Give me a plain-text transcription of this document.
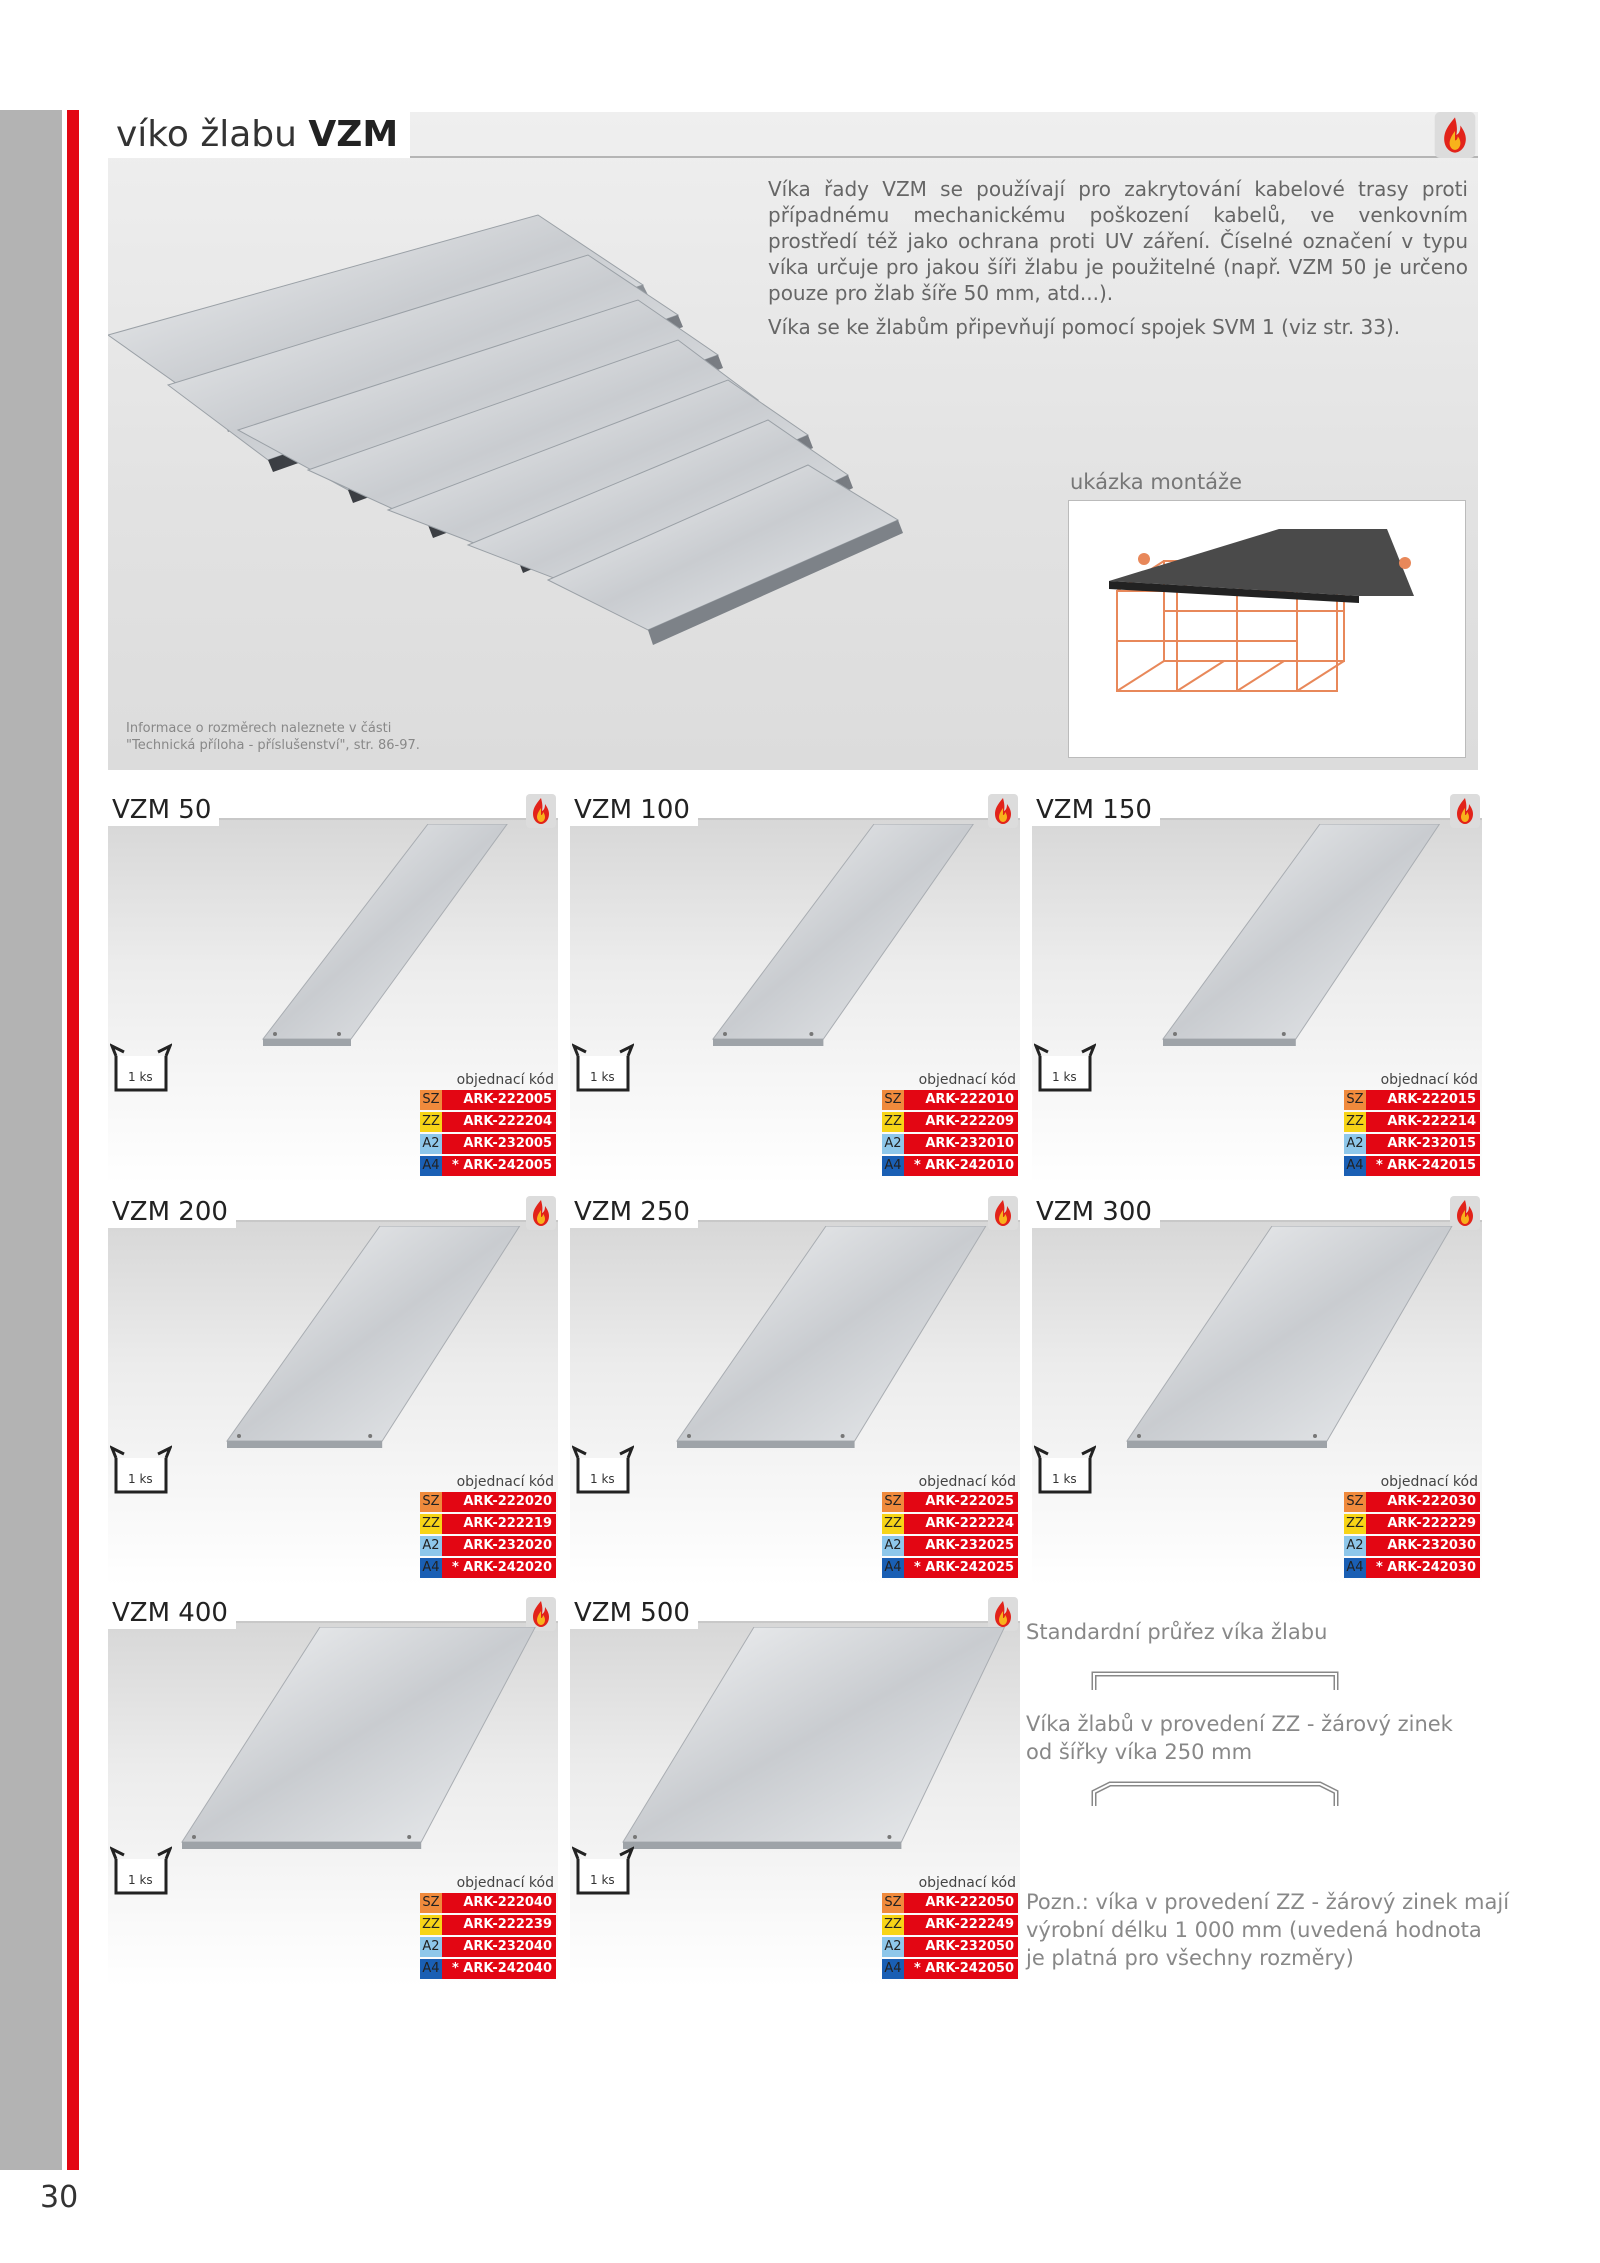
30
víko žlabu VZM

Víka řady VZM se používají pro zakrytování kabelové trasy proti případnému mechanickému poškození kabelů, ve venkovním prostředí též jako ochrana proti UV záření. Číselné označení v typu víka určuje pro jakou šíři žlabu je použitelné (např. VZM 50 je určeno pouze pro žlab šíře 50 mm, atd...).

Víka se ke žlabům připevňují pomocí spojek SVM 1 (viz str. 33).

ukázka montáže
Informace o rozměrech naleznete v části
"Technická příloha - příslušenství", str. 86-97.
VZM 50
1 ks	objednací kód
SZ	ARK-222005
ZZ	ARK-222204
A2	ARK-232005
A4 * ARK-242005
VZM 100
1 ks	objednací kód
SZ	ARK-222010
ZZ	ARK-222209
A2	ARK-232010
A4 * ARK-242010
VZM 150
1 ks	objednací kód
SZ	ARK-222015
ZZ	ARK-222214
A2	ARK-232015
A4 * ARK-242015
VZM 200
1 ks	objednací kód
SZ	ARK-222020
ZZ	ARK-222219
A2	ARK-232020
A4 * ARK-242020
VZM 250
1 ks	objednací kód
SZ	ARK-222025
ZZ	ARK-222224
A2	ARK-232025
A4 * ARK-242025
VZM 300
1 ks	objednací kód
SZ	ARK-222030
ZZ	ARK-222229
A2	ARK-232030
A4 * ARK-242030
VZM 400
1 ks	objednací kód
SZ	ARK-222040
ZZ	ARK-222239
A2	ARK-232040
A4 * ARK-242040
VZM 500
1 ks	objednací kód
SZ	ARK-222050
ZZ	ARK-222249
A2	ARK-232050
A4 * ARK-242050
Standardní průřez víka žlabu
Víka žlabů v provedení ZZ - žárový zinek
od šířky víka 250 mm
Pozn.: víka v provedení ZZ - žárový zinek mají
výrobní délku 1 000 mm (uvedená hodnota
je platná pro všechny rozměry)
